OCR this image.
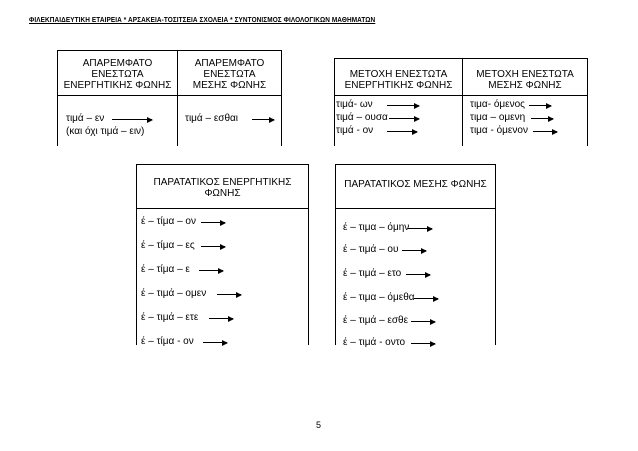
ΦΙΛΕΚΠΑΙΔΕΥΤΙΚΗ ΕΤΑΙΡΕΙΑ * ΑΡΣΑΚΕΙΑ-ΤΟΣΙΤΣΕΙΑ ΣΧΟΛΕΙΑ * ΣΥΝΤΟΝΙΣΜΟΣ ΦΙΛΟΛΟΓΙΚΩΝ ΜΑΘΗΜΑΤΩΝ
ΑΠΑΡΕΜΦΑΤΟ
ΕΝΕΣΤΩΤΑ
ΕΝΕΡΓΗΤΙΚΗΣ ΦΩΝΗΣ
ΑΠΑΡΕΜΦΑΤΟ
ΕΝΕΣΤΩΤΑ
ΜΕΣΗΣ ΦΩΝΗΣ
τιμά – εν
(και όχι τιμά – ειν)
τιμά – εσθαι
ΜΕΤΟΧΗ ΕΝΕΣΤΩΤΑ
ΕΝΕΡΓΗΤΙΚΗΣ ΦΩΝΗΣ
ΜΕΤΟΧΗ ΕΝΕΣΤΩΤΑ
ΜΕΣΗΣ ΦΩΝΗΣ
τιμά- ων
τιμά – ουσα
τιμά - ον
τιμα- όμενος
τιμα – ομενη
τιμα - όμενον
ΠΑΡΑΤΑΤΙΚΟΣ ΕΝΕΡΓΗΤΙΚΗΣ
ΦΩΝΗΣ
έ – τίμα – ον
έ – τίμα – ες
έ – τίμα – ε
έ – τιμά – ομεν
έ – τιμά – ετε
έ – τίμα - ον
ΠΑΡΑΤΑΤΙΚΟΣ ΜΕΣΗΣ ΦΩΝΗΣ
έ – τιμα – όμην
έ – τιμά – ου
έ – τιμά – ετο
έ – τιμα – όμεθα
έ – τιμά – εσθε
έ – τιμά - οντο
5
